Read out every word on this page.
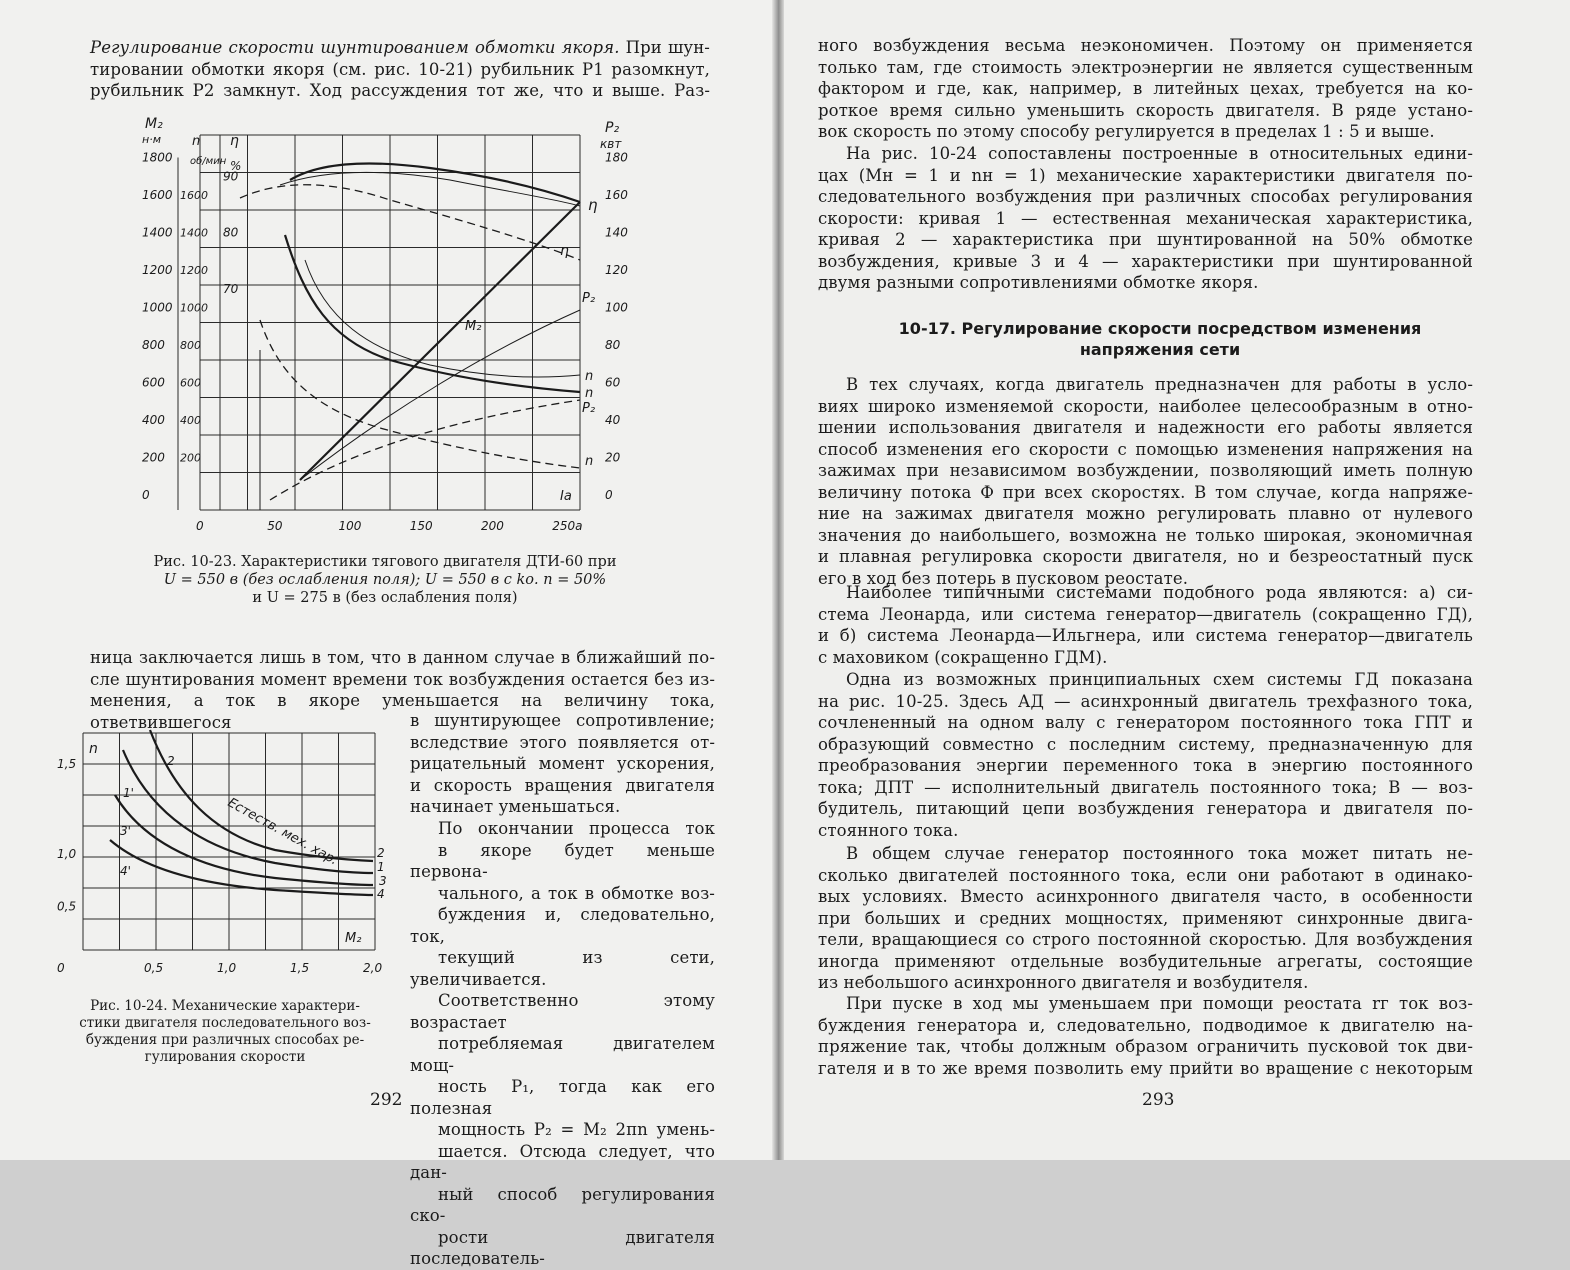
Регулирование скорости шунтированием обмотки якоря. При шун-
тировании обмотки якоря (см. рис. 10-21) рубильник Р1 разомкнут,
рубильник Р2 замкнут. Ход рассуждения тот же, что и выше. Раз-
1800
1600
1400
1200
1000
800
600
400
200
0
1600
1400
1200
1000
800
600
400
200
90
80
70
180
160
140
120
100
80
60
40
20
0
0	50	100	150	200	250а
M₂
н·м n
об/мин
η
%
P₂
квт
Iа
M₂
P₂
P₂
n
n
n
η
η
Рис. 10-23. Характеристики тягового двигателя ДТИ-60 при
U = 550 в (без ослабления поля); U = 550 в с kо. п = 50%
и U = 275 в (без ослабления поля)
ница заключается лишь в том, что в данном случае в ближайший по-
сле шунтирования момент времени ток возбуждения остается без из-
менения, а ток в якоре уменьшается на величину тока, ответвившегося
n
M₂
1,5
1,0
0,5
0	0,5	1,0	1,5	2,0
2
1
3
4
2
1'
3'
4'
Естеств. мех. хар.
Рис. 10-24. Механические характери-
стики двигателя последовательного воз-
буждения при различных способах ре-
гулирования скорости
в шунтирующее сопротивление;
вследствие этого появляется от-
рицательный момент ускорения,
и скорость вращения двигателя
начинает уменьшаться.
По окончании процесса ток
в якоре будет меньше первона-
чального, а ток в обмотке воз-
буждения и, следовательно, ток,
текущий из сети, увеличивается.
Соответственно этому возрастает
потребляемая двигателем мощ-
ность P₁, тогда как его полезная
мощность P₂ = M₂ 2πn умень-
шается. Отсюда следует, что дан-
ный способ регулирования ско-
рости двигателя последователь-
292
ного возбуждения весьма неэкономичен. Поэтому он применяется
только там, где стоимость электроэнергии не является существенным
фактором и где, как, например, в литейных цехах, требуется на ко-
роткое время сильно уменьшить скорость двигателя. В ряде устано-
вок скорость по этому способу регулируется в пределах 1 : 5 и выше.
На рис. 10-24 сопоставлены построенные в относительных едини-
цах (Mн = 1 и nн = 1) механические характеристики двигателя по-
следовательного возбуждения при различных способах регулирования
скорости: кривая 1 — естественная механическая характеристика,
кривая 2 — характеристика при шунтированной на 50% обмотке
возбуждения, кривые 3 и 4 — характеристики при шунтированной
двумя разными сопротивлениями обмотке якоря.
10-17. Регулирование скорости посредством изменения
напряжения сети
В тех случаях, когда двигатель предназначен для работы в усло-
виях широко изменяемой скорости, наиболее целесообразным в отно-
шении использования двигателя и надежности его работы является
способ изменения его скорости с помощью изменения напряжения на
зажимах при независимом возбуждении, позволяющий иметь полную
величину потока Ф при всех скоростях. В том случае, когда напряже-
ние на зажимах двигателя можно регулировать плавно от нулевого
значения до наибольшего, возможна не только широкая, экономичная
и плавная регулировка скорости двигателя, но и безреостатный пуск
его в ход без потерь в пусковом реостате.
Наиболее типичными системами подобного рода являются: а) си-
стема Леонарда, или система генератор—двигатель (сокращенно ГД),
и б) система Леонарда—Ильгнера, или система генератор—двигатель
с маховиком (сокращенно ГДМ).
Одна из возможных принципиальных схем системы ГД показана
на рис. 10-25. Здесь АД — асинхронный двигатель трехфазного тока,
сочлененный на одном валу с генератором постоянного тока ГПТ и
образующий совместно с последним систему, предназначенную для
преобразования энергии переменного тока в энергию постоянного
тока; ДПТ — исполнительный двигатель постоянного тока; В — воз-
будитель, питающий цепи возбуждения генератора и двигателя по-
стоянного тока.
В общем случае генератор постоянного тока может питать не-
сколько двигателей постоянного тока, если они работают в одинако-
вых условиях. Вместо асинхронного двигателя часто, в особенности
при больших и средних мощностях, применяют синхронные двига-
тели, вращающиеся со строго постоянной скоростью. Для возбуждения
иногда применяют отдельные возбудительные агрегаты, состоящие
из небольшого асинхронного двигателя и возбудителя.
При пуске в ход мы уменьшаем при помощи реостата rг ток воз-
буждения генератора и, следовательно, подводимое к двигателю на-
пряжение так, чтобы должным образом ограничить пусковой ток дви-
гателя и в то же время позволить ему прийти во вращение с некоторым
293
